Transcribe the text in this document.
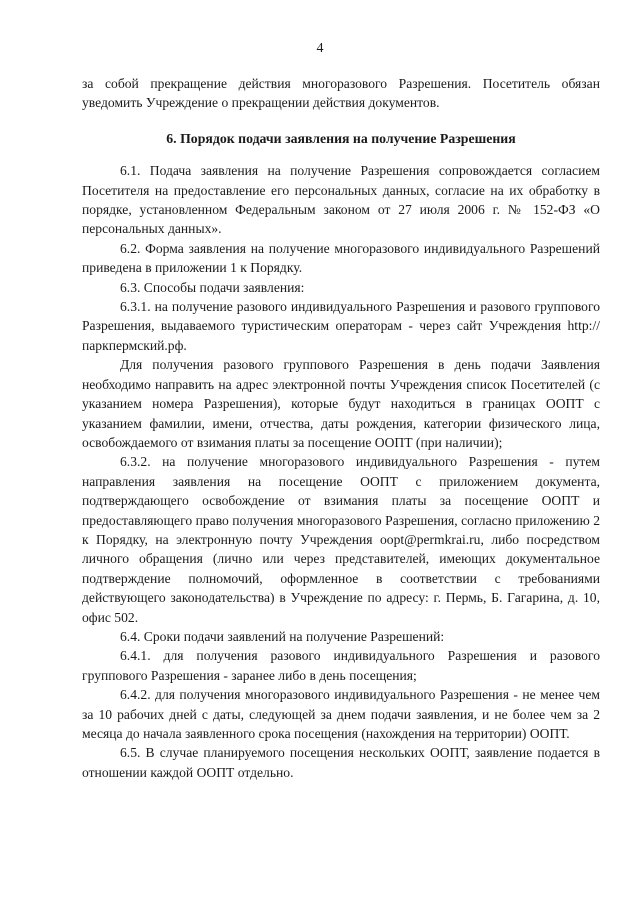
4

за собой прекращение действия многоразового Разрешения. Посетитель обязан уведомить Учреждение о прекращении действия документов.

6. Порядок подачи заявления на получение Разрешения

6.1. Подача заявления на получение Разрешения сопровождается согласием Посетителя на предоставление его персональных данных, согласие на их обработку в порядке, установленном Федеральным законом от 27 июля 2006 г. № 152-ФЗ «О персональных данных».

6.2. Форма заявления на получение многоразового индивидуального Разрешений приведена в приложении 1 к Порядку.

6.3. Способы подачи заявления:

6.3.1. на получение разового индивидуального Разрешения и разового группового Разрешения, выдаваемого туристическим операторам - через сайт Учреждения http://паркпермский.рф.

Для получения разового группового Разрешения в день подачи Заявления необходимо направить на адрес электронной почты Учреждения список Посетителей (с указанием номера Разрешения), которые будут находиться в границах ООПТ с указанием фамилии, имени, отчества, даты рождения, категории физического лица, освобождаемого от взимания платы за посещение ООПТ (при наличии);

6.3.2. на получение многоразового индивидуального Разрешения - путем направления заявления на посещение ООПТ с приложением документа, подтверждающего освобождение от взимания платы за посещение ООПТ и предоставляющего право получения многоразового Разрешения, согласно приложению 2 к Порядку, на электронную почту Учреждения oopt@permkrai.ru, либо посредством личного обращения (лично или через представителей, имеющих документальное подтверждение полномочий, оформленное в соответствии с требованиями действующего законодательства) в Учреждение по адресу: г. Пермь, Б. Гагарина, д. 10, офис 502.

6.4. Сроки подачи заявлений на получение Разрешений:

6.4.1. для получения разового индивидуального Разрешения и разового группового Разрешения - заранее либо в день посещения;

6.4.2. для получения многоразового индивидуального Разрешения - не менее чем за 10 рабочих дней с даты, следующей за днем подачи заявления, и не более чем за 2 месяца до начала заявленного срока посещения (нахождения на территории) ООПТ.

6.5. В случае планируемого посещения нескольких ООПТ, заявление подается в отношении каждой ООПТ отдельно.
